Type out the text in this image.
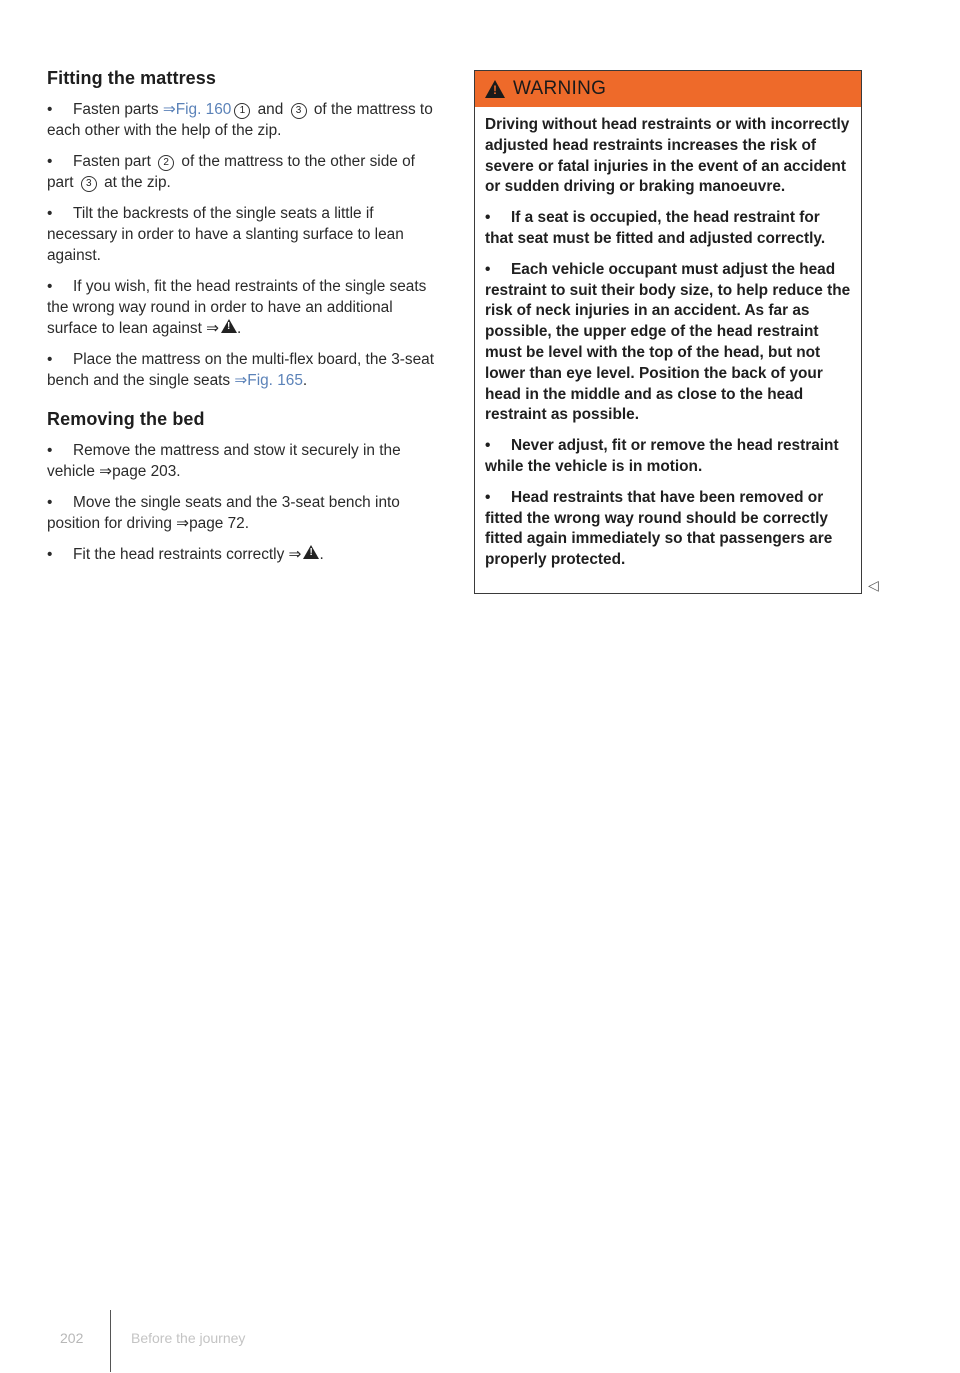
Fitting the mattress

• Fasten parts ⇒Fig. 160 1 and 3 of the mattress to each other with the help of the zip.

• Fasten part 2 of the mattress to the other side of part 3 at the zip.

• Tilt the backrests of the single seats a little if necessary in order to have a slanting surface to lean against.

• If you wish, fit the head restraints of the single seats the wrong way round in order to have an additional surface to lean against ⇒ ! .

• Place the mattress on the multi-flex board, the 3-seat bench and the single seats ⇒Fig. 165.

Removing the bed

• Remove the mattress and stow it securely in the vehicle ⇒page 203.

• Move the single seats and the 3-seat bench into position for driving ⇒page 72.

• Fit the head restraints correctly ⇒ ! .

!
WARNING

Driving without head restraints or with incorrectly adjusted head restraints increases the risk of severe or fatal injuries in the event of an accident or sudden driving or braking manoeuvre.

• If a seat is occupied, the head restraint for that seat must be fitted and adjusted correctly.

• Each vehicle occupant must adjust the head restraint to suit their body size, to help reduce the risk of neck injuries in an accident. As far as possible, the upper edge of the head restraint must be level with the top of the head, but not lower than eye level. Position the back of your head in the middle and as close to the head restraint as possible.

• Never adjust, fit or remove the head restraint while the vehicle is in motion.

• Head restraints that have been removed or fitted the wrong way round should be correctly fitted again immediately so that passengers are properly protected.

◁
202	Before the journey
